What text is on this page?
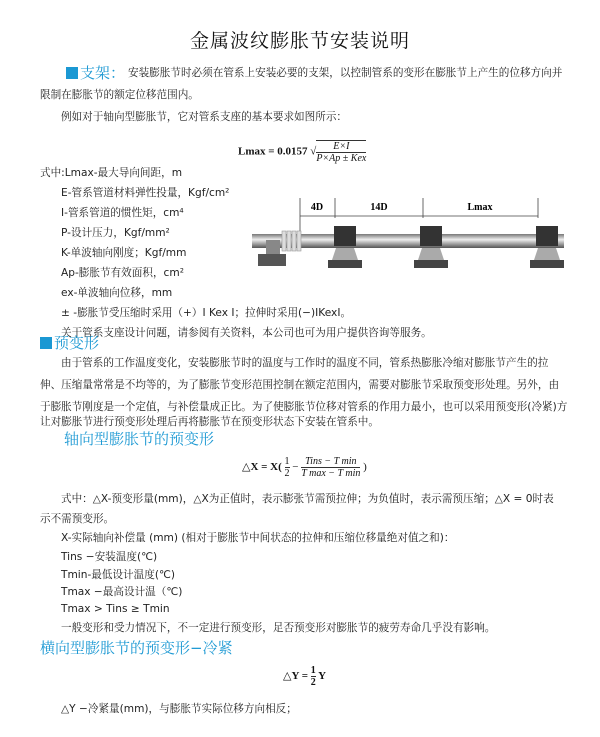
金属波纹膨胀节安装说明
支架： 安装膨胀节时必须在管系上安装必要的支架，以控制管系的变形在膨胀节上产生的位移方向并
限制在膨胀节的额定位移范围内。
例如对于轴向型膨胀节，它对管系支座的基本要求如图所示：
Lmax = 0.0157 √ $\frac{E\times I}{\text{P×Ap ± Kex}}$
式中:Lmax-最大导向间距，m
E-管系管道材料弹性投量，Kgf/cm²
I-管系管道的惯性矩，cm⁴
P-设计压力，Kgf/mm²
K-单波轴向刚度；Kgf/mm
Ap-膨胀节有效面积，cm²
ex-单波轴向位移，mm
± -膨胀节受压缩时采用（+）I Kex I；拉伸时采用(−)IKexI。
关于管系支座设计问题，请参阅有关资料，本公司也可为用户提供咨询等服务。
4D	14D	Lmax
预变形
由于管系的工作温度变化，安装膨胀节时的温度与工作时的温度不同，管系热膨胀冷缩对膨胀节产生的拉
伸、压缩量常常是不均等的，为了膨胀节变形范围控制在额定范围内，需要对膨胀节采取预变形处理。另外，由
于膨胀节刚度是一个定值，与补偿量成正比。为了使膨胀节位移对管系的作用力最小，也可以采用预变形(冷紧)方
让对膨胀节进行预变形处理后再将膨胀节在预变形状态下安装在管系中。
轴向型膨胀节的预变形
△X = $X( \frac{1}{2} - \frac{\text{Tins − T min}}{\text{T max − T min}}$ )
式中：△X-预变形量(mm)，△X为正值时，表示膨张节需预拉伸；为负值时，表示需预压缩；△X = 0时表
示不需预变形。
X-实际轴向补偿量 (mm) (相对于膨胀节中间状态的拉伸和压缩位移量绝对值之和)：
Tins −安装温度(℃)
Tmin-最低设计温度(℃)
Tmax −最高设计温（℃)
Tmax > Tins ≥ Tmin
一般变形和受力情况下，不一定进行预变形，足否预变形对膨胀节的疲劳寿命几乎没有影响。
横向型膨胀节的预变形−冷紧
△Y = $\frac{1}{2}$ Y
△Y −冷紧量(mm)，与膨胀节实际位移方向相反；
